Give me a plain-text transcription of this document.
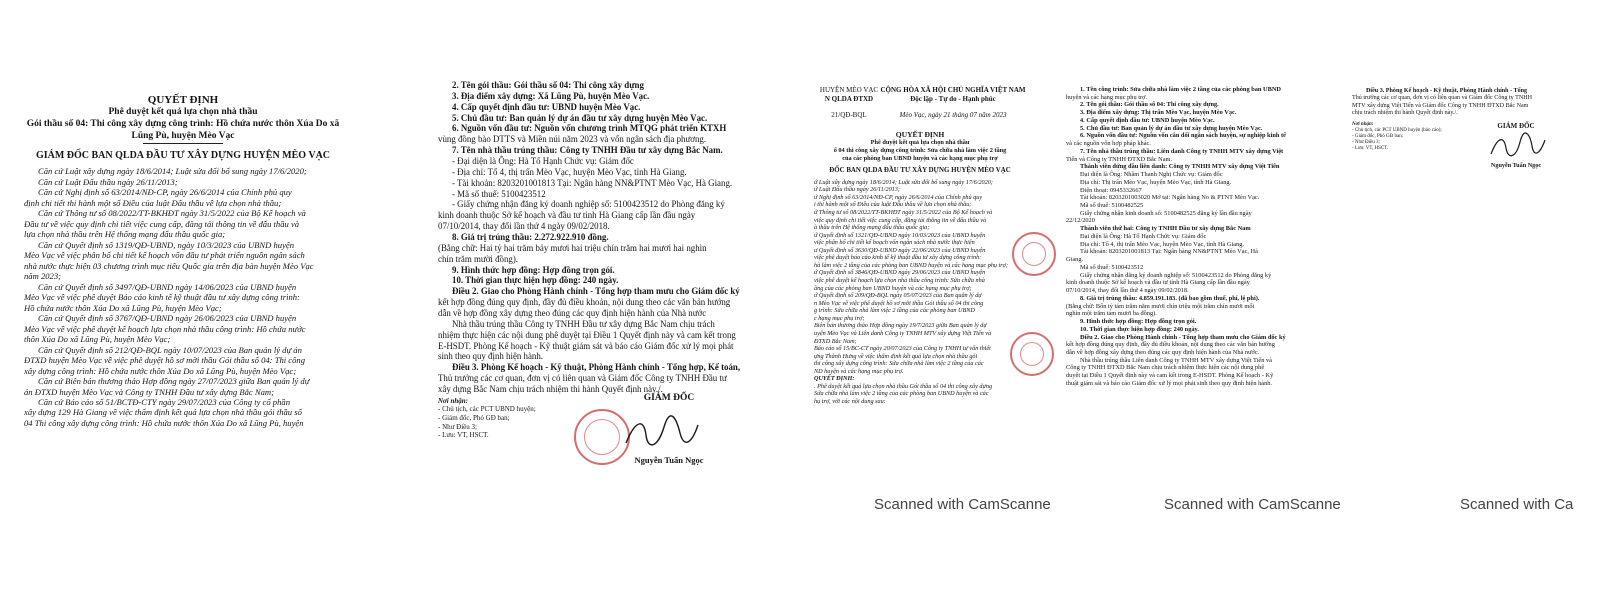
QUYẾT ĐỊNH
Phê duyệt kết quả lựa chọn nhà thầu
Gói thầu số 04: Thi công xây dựng công trình: Hồ chứa nước thôn Xúa Do xã
Lũng Pù, huyện Mèo Vạc
GIÁM ĐỐC BAN QLDA ĐẦU TƯ XÂY DỰNG HUYỆN MÈO VẠC
Căn cứ Luật xây dựng ngày 18/6/2014; Luật sửa đổi bổ sung ngày 17/6/2020;
Căn cứ Luật Đấu thầu ngày 26/11/2013;
Căn cứ Nghị định số 63/2014/NĐ-CP, ngày 26/6/2014 của Chính phủ quy
định chi tiết thi hành một số Điều của luật Đấu thầu về lựa chọn nhà thầu;
Căn cứ Thông tư số 08/2022/TT-BKHĐT ngày 31/5/2022 của Bộ Kế hoạch và
Đầu tư về việc quy định chi tiết việc cung cấp, đăng tải thông tin về đấu thầu và
lựa chọn nhà thầu trên Hệ thống mạng đấu thầu quốc gia;
Căn cứ Quyết định số 1319/QĐ-UBND, ngày 10/3/2023 của UBND huyện
Mèo Vạc về việc phân bổ chi tiết kế hoạch vốn đầu tư phát triển nguồn ngân sách
nhà nước thực hiện 03 chương trình mục tiêu Quốc gia trên địa bàn huyện Mèo Vạc
năm 2023;
Căn cứ Quyết định số 3497/QĐ-UBND ngày 14/06/2023 của UBND huyện
Mèo Vạc về việc phê duyệt Báo cáo kinh tế kỹ thuật đầu tư xây dựng công trình:
Hồ chứa nước thôn Xúa Do xã Lũng Pù, huyện Mèo Vạc;
Căn cứ Quyết định số 3767/QĐ-UBND ngày 26/06/2023 của UBND huyện
Mèo Vạc về việc phê duyệt kế hoạch lựa chọn nhà thầu công trình: Hồ chứa nước
thôn Xúa Do xã Lũng Pù, huyện Mèo Vạc;
Căn cứ Quyết định số 212/QĐ-BQL ngày 10/07/2023 của Ban quản lý dự án
ĐTXD huyện Mèo Vạc về việc phê duyệt hồ sơ mời thầu Gói thầu số 04: Thi công
xây dựng công trình: Hồ chứa nước thôn Xúa Do xã Lũng Pù, huyện Mèo Vạc;
Căn cứ Biên bản thương thảo Hợp đồng ngày 27/07/2023 giữa Ban quản lý dự
án ĐTXD huyện Mèo Vạc và Công ty TNHH Đầu tư xây dựng Bắc Nam;
Căn cứ Báo cáo số 51/BCTĐ-CTY ngày 29/07/2023 của Công ty cổ phần
xây dựng 129 Hà Giang về việc thẩm định kết quả lựa chọn nhà thầu gói thầu số
04 Thi công xây dựng công trình: Hồ chứa nước thôn Xúa Do xã Lũng Pù, huyện
2. Tên gói thầu: Gói thầu số 04: Thi công xây dựng
3. Địa điểm xây dựng: Xã Lũng Pù, huyện Mèo Vạc.
4. Cấp quyết định đầu tư: UBND huyện Mèo Vạc.
5. Chủ đầu tư: Ban quản lý dự án đầu tư xây dựng huyện Mèo Vạc.
6. Nguồn vốn đầu tư: Nguồn vốn chương trình MTQG phát triển KTXH
vùng đồng bào DTTS và Miền núi năm 2023 và vốn ngân sách địa phương.
7. Tên nhà thầu trúng thầu: Công ty TNHH Đầu tư xây dựng Bắc Nam.
- Đại diện là Ông: Hà Tố Hạnh Chức vụ: Giám đốc
- Địa chỉ: Tổ 4, thị trấn Mèo Vạc, huyện Mèo Vạc, tỉnh Hà Giang.
- Tài khoản: 8203201001813 Tại: Ngân hàng NN&PTNT Mèo Vạc, Hà Giang.
- Mã số thuế: 5100423512
- Giấy chứng nhận đăng ký doanh nghiệp số: 5100423512 do Phòng đăng ký
kinh doanh thuộc Sở kế hoạch và đầu tư tỉnh Hà Giang cấp lần đầu ngày
07/10/2014, thay đổi lần thứ 4 ngày 09/02/2018.
8. Giá trị trúng thầu: 2.272.922.910 đồng.
(Bằng chữ: Hai tỷ hai trăm bảy mươi hai triệu chín trăm hai mươi hai nghìn
chín trăm mười đồng).
9. Hình thức hợp đồng: Hợp đồng trọn gói.
10. Thời gian thực hiện hợp đồng: 240 ngày.
Điều 2. Giao cho Phòng Hành chính - Tổng hợp tham mưu cho Giám đốc ký
kết hợp đồng đúng quy định, đầy đủ điều khoản, nội dung theo các văn bản hướng
dẫn về hợp đồng xây dựng theo đúng các quy định hiện hành của Nhà nước
Nhà thầu trúng thầu Công ty TNHH Đầu tư xây dựng Bắc Nam chịu trách
nhiệm thực hiện các nội dung phê duyệt tại Điều 1 Quyết định này và cam kết trong
E-HSDT. Phòng Kế hoạch - Kỹ thuật giám sát và báo cáo Giám đốc xử lý mọi phát
sinh theo quy định hiện hành.
Điều 3. Phòng Kế hoạch - Kỹ thuật, Phòng Hành chính - Tổng hợp, Kế toán,
Thủ trưởng các cơ quan, đơn vị có liên quan và Giám đốc Công ty TNHH Đầu tư
xây dựng Bắc Nam chịu trách nhiệm thi hành Quyết định này./.
Nơi nhận:
- Chủ tịch, các PCT UBND huyện;
- Giám đốc, Phó GĐ ban;
- Như Điều 3;
- Lưu: VT, HSCT.
GIÁM ĐỐC
Nguyễn Tuấn Ngọc
HUYỆN MÈO VẠC
N QLDA ĐTXD
21/QĐ-BQL
CỘNG HÒA XÃ HỘI CHỦ NGHĨA VIỆT NAM
Độc lập - Tự do - Hạnh phúc
Mèo Vạc, ngày 21 tháng 07 năm 2023
QUYẾT ĐỊNH
Phê duyệt kết quả lựa chọn nhà thầu
ố 04 thi công xây dựng công trình: Sửa chữa nhà làm việc 2 tầng
của các phòng ban UBND huyện và các hạng mục phụ trợ
ĐỐC BAN QLDA ĐẦU TƯ XÂY DỰNG HUYỆN MÈO VẠC
ứ Luật xây dựng ngày 18/6/2014; Luật sửa đổi bổ sung ngày 17/6/2020;
ứ Luật Đấu thầu ngày 26/11/2013;
ứ Nghị định số 63/2014/NĐ-CP, ngày 26/6/2014 của Chính phủ quy
i thi hành một số Điều của luật Đấu thầu về lựa chọn nhà thầu;
ứ Thông tư số 08/2022/TT-BKHĐT ngày 31/5/2022 của Bộ Kế hoạch và
việc quy định chi tiết việc cung cấp, đăng tải thông tin về đấu thầu và
à thầu trên Hệ thống mạng đấu thầu quốc gia;
ứ Quyết định số 1321/QĐ-UBND ngày 10/03/2023 của UBND huyện
việc phân bổ chi tiết kế hoạch vốn ngân sách nhà nước thực hiện
ư Quyết định số 3630/QĐ-UBND ngày 22/06/2023 của UBND huyện
việc phê duyệt báo cáo kinh tế kỹ thuật đầu tư xây dựng công trình:
hà làm việc 2 tầng của các phòng ban UBND huyện và các hạng mục phụ trợ;
ứ Quyết định số 3846/QĐ-UBND ngày 29/06/2023 của UBND huyện
việc phê duyệt kế hoạch lựa chọn nhà thầu công trình: Sửa chữa nhà
ầng của các phòng ban UBND huyện và các hạng mục phụ trợ;
ứ Quyết định số 209/QĐ-BQL ngày 05/07/2023 của Ban quản lý dự
n Mèo Vạc về việc phê duyệt hồ sơ mời thầu Gói thầu số 04 thi công
g trình: Sửa chữa nhà làm việc 2 tầng của các phòng ban UBND
c hạng mục phụ trợ;
Biên bản thương thảo Hợp đồng ngày 19/7/2023 giữa Ban quản lý dự
uyện Mèo Vạc và Liên danh Công ty TNHH MTV xây dựng Việt Tiến và
ĐTXD Bắc Nam;
Báo cáo số 15/BC-CT ngày 20/07/2023 của Công ty TNHH tư vấn thiết
ựng Thành Hưng về việc thẩm định kết quả lựa chọn nhà thầu gói
thi công xây dựng công trình: Sửa chữa nhà làm việc 2 tầng của các
ND huyện và các hạng mục phụ trợ.
QUYẾT ĐỊNH:
. Phê duyệt kết quả lựa chọn nhà thầu Gói thầu số 04 thi công xây dựng
Sửa chữa nhà làm việc 2 tầng của các phòng ban UBND huyện và các
hụ trợ, với các nội dung sau:
Scanned with CamScanne
1. Tên công trình: Sửa chữa nhà làm việc 2 tầng của các phòng ban UBND
huyện và các hạng mục phụ trợ.
2. Tên gói thầu: Gói thầu số 04: Thi công xây dựng.
3. Địa điểm xây dựng: Thị trấn Mèo Vạc, huyện Mèo Vạc.
4. Cấp quyết định đầu tư: UBND huyện Mèo Vạc.
5. Chủ đầu tư: Ban quản lý dự án đầu tư xây dựng huyện Mèo Vạc.
6. Nguồn vốn đầu tư: Nguồn vốn cân đối ngân sách huyện, sự nghiệp kinh tế
và các nguồn vốn hợp pháp khác.
7. Tên nhà thầu trúng thầu: Liên danh Công ty TNHH MTV xây dựng Việt
Tiến và Công ty TNHH ĐTXD Bắc Nam.
Thành viên đứng đầu liên danh: Công ty TNHH MTV xây dựng Việt Tiến
Đại diện là Ông: Nhâm Thanh Nghị Chức vụ: Giám đốc
Địa chỉ: Thị trấn Mèo Vạc, huyện Mèo Vạc, tỉnh Hà Giang.
Điện thoại: 0945332667
Tài khoản: 8203201003020 Mở tại: Ngân hàng No & PTNT Mèo Vạc.
Mã số thuế: 5100482525
Giấy chứng nhận kinh doanh số: 5100482525 đăng ký lần đầu ngày
22/12/2020
Thành viên thứ hai: Công ty TNHH Đầu tư xây dựng Bắc Nam
Đại diện là Ông: Hà Tố Hạnh Chức vụ: Giám đốc
Địa chỉ: Tổ 4, thị trấn Mèo Vạc, huyện Mèo Vạc, tỉnh Hà Giang.
Tài khoản: 8203201001813 Tại: Ngân hàng NN&PTNT Mèo Vạc, Hà
Giang.
Mã số thuế: 5100423512
Giấy chứng nhận đăng ký doanh nghiệp số: 5100423512 do Phòng đăng ký
kinh doanh thuộc Sở kế hoạch và đầu tư tỉnh Hà Giang cấp lần đầu ngày
07/10/2014, thay đổi lần thứ 4 ngày 09/02/2018.
8. Giá trị trúng thầu: 4.859.191.183. (đã bao gồm thuế, phí, lệ phí).
(Bằng chữ: Bốn tỷ tám trăm năm mươi chín triệu một trăm chín mươi mốt
nghìn một trăm tám mươi ba đồng).
9. Hình thức hợp đồng: Hợp đồng trọn gói.
10. Thời gian thực hiện hợp đồng: 240 ngày.
Điều 2. Giao cho Phòng Hành chính - Tổng hợp tham mưu cho Giám đốc ký
kết hợp đồng đúng quy định, đầy đủ điều khoản, nội dung theo các văn bản hướng
dẫn về hợp đồng xây dựng theo đúng các quy định hiện hành của Nhà nước.
Nhà thầu trúng thầu Liên danh Công ty TNHH MTV xây dựng Việt Tiến và
Công ty TNHH ĐTXD Bắc Nam chịu trách nhiệm thực hiện các nội dung phê
duyệt tại Điều 1 Quyết định này và cam kết trong E-HSDT. Phòng Kế hoạch - Kỹ
thuật giám sát và báo cáo Giám đốc xử lý mọi phát sinh theo quy định hiện hành.
Scanned with CamScanne
Điều 3. Phòng Kế hoạch - Kỹ thuật, Phòng Hành chính - Tổng
Thủ trưởng các cơ quan, đơn vị có liên quan và Giám đốc Công ty TNHH
MTV xây dựng Việt Tiến và Giám đốc Công ty TNHH ĐTXD Bắc Nam
chịu trách nhiệm thi hành Quyết định này./.
Nơi nhận:
- Chủ tịch, các PCT UBND huyện (báo cáo);
- Giám đốc, Phó GĐ ban;
- Như Điều 3;
- Lưu: VT, HSCT.
GIÁM ĐỐC
Nguyễn Tuấn Ngọc
Scanned with Ca
